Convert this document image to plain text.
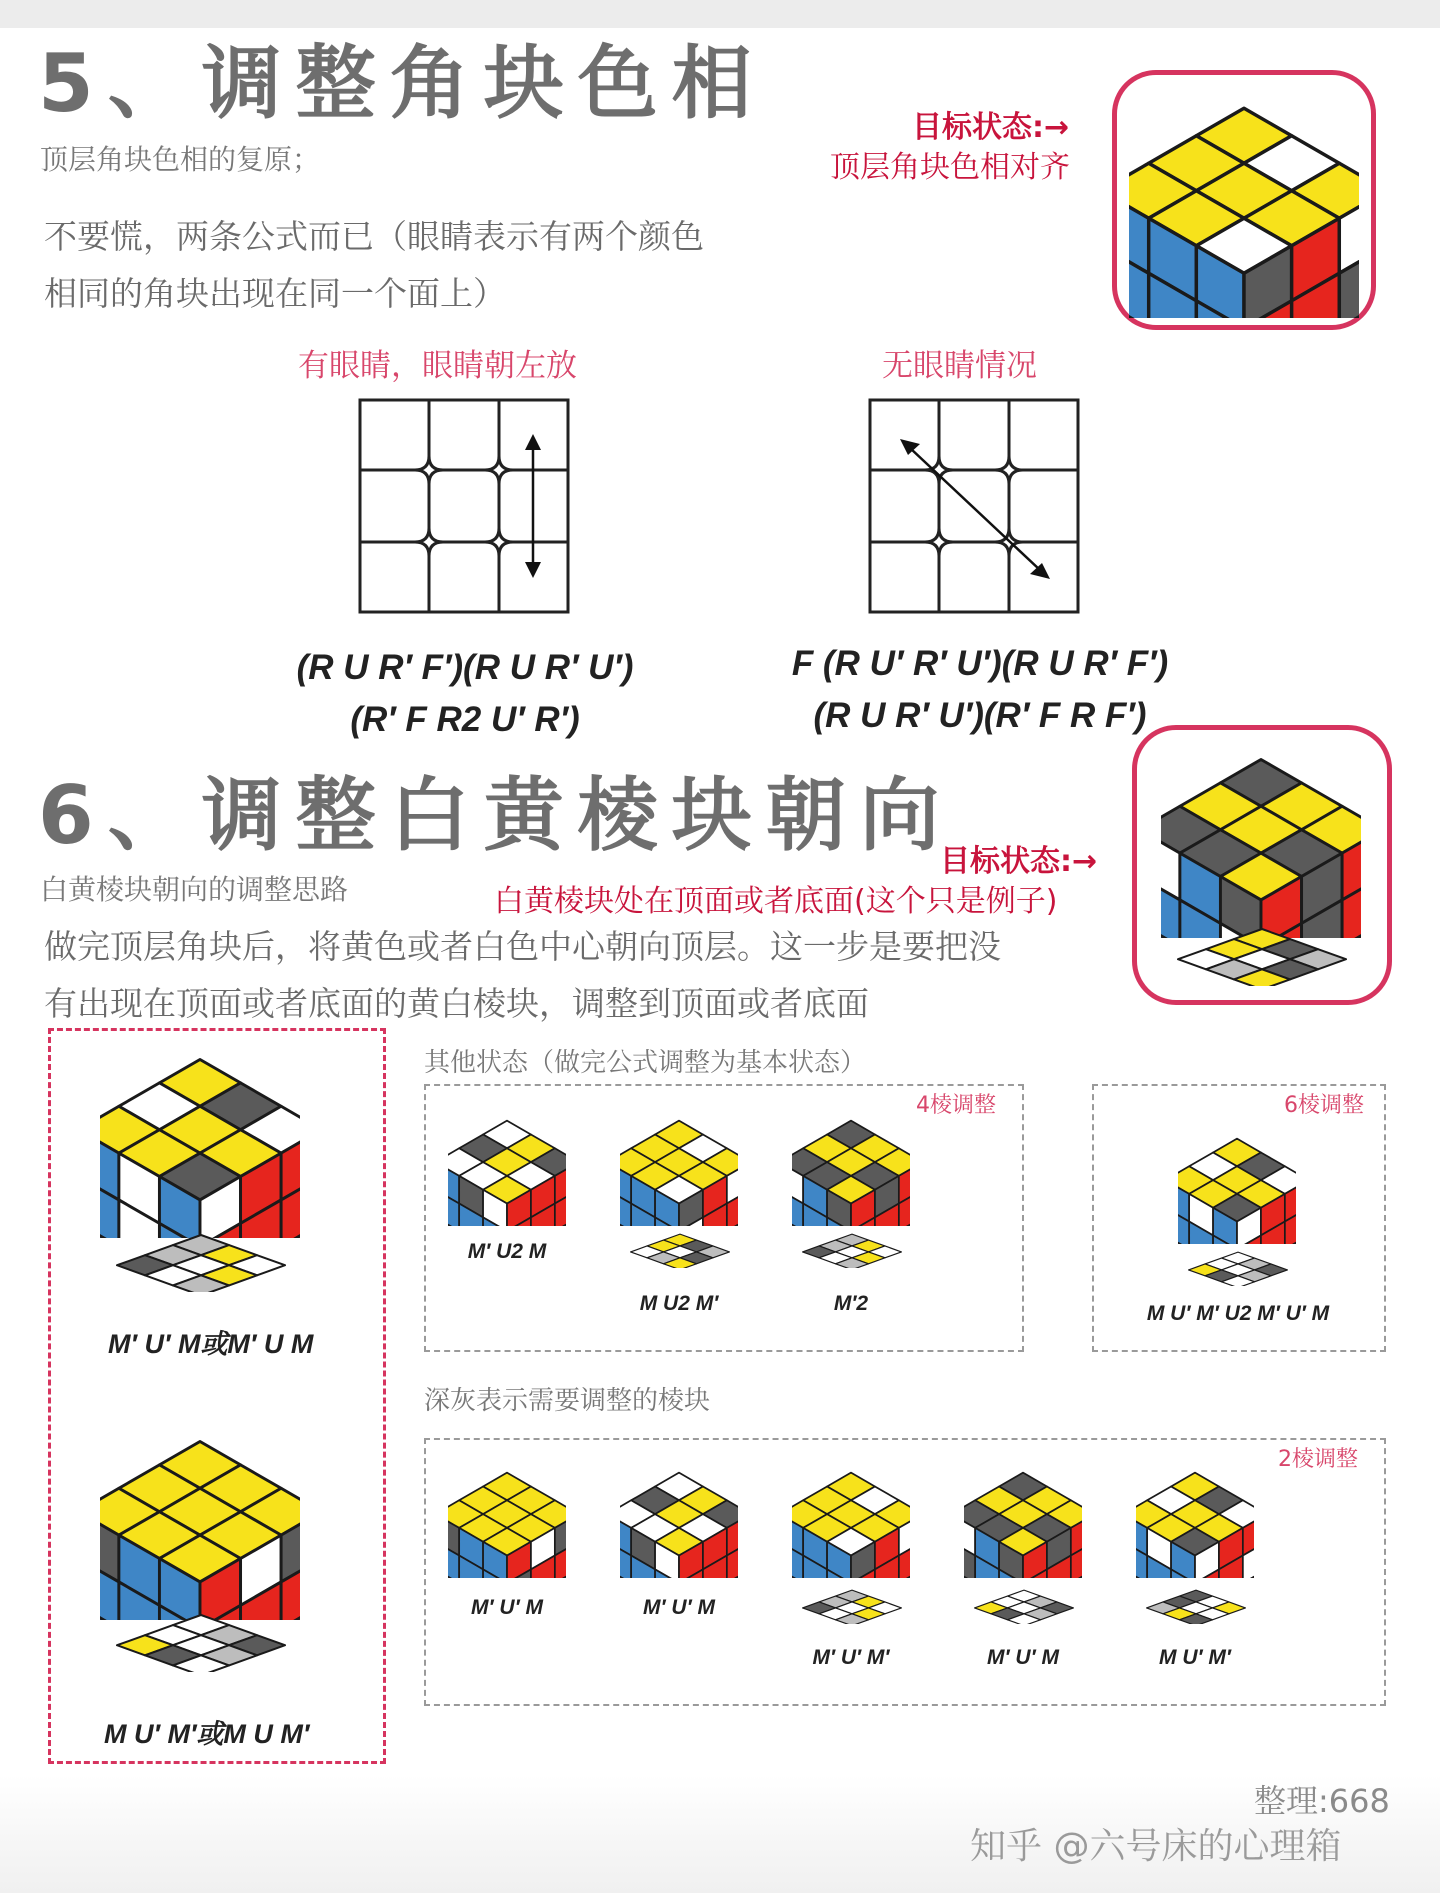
5、调整角块色相
顶层角块色相的复原；
不要慌，两条公式而已（眼睛表示有两个颜色
相同的角块出现在同一个面上）
目标状态:→
顶层角块色相对齐
有眼睛，眼睛朝左放
(R U R′ F′)(R U R′ U′)
(R′ F R2 U′ R′)
无眼睛情况
F (R U′ R′ U′)(R U R′ F′)
(R U R′ U′)(R′ F R F′)
6、调整白黄棱块朝向
白黄棱块朝向的调整思路
目标状态:→
白黄棱块处在顶面或者底面(这个只是例子)
做完顶层角块后，将黄色或者白色中心朝向顶层。这一步是要把没
有出现在顶面或者底面的黄白棱块，调整到顶面或者底面
M′ U′ M或M′ U M
M U′ M′或M U M′
其他状态（做完公式调整为基本状态）
4棱调整
M′ U2 M
M U2 M′	M′2
6棱调整
M U′ M′ U2 M′ U′ M
深灰表示需要调整的棱块
2棱调整
M′ U′ M	M′ U′ M
M′ U′ M′	M′ U′ M	M U′ M′
整理:668
知乎 @六号床的心理箱
